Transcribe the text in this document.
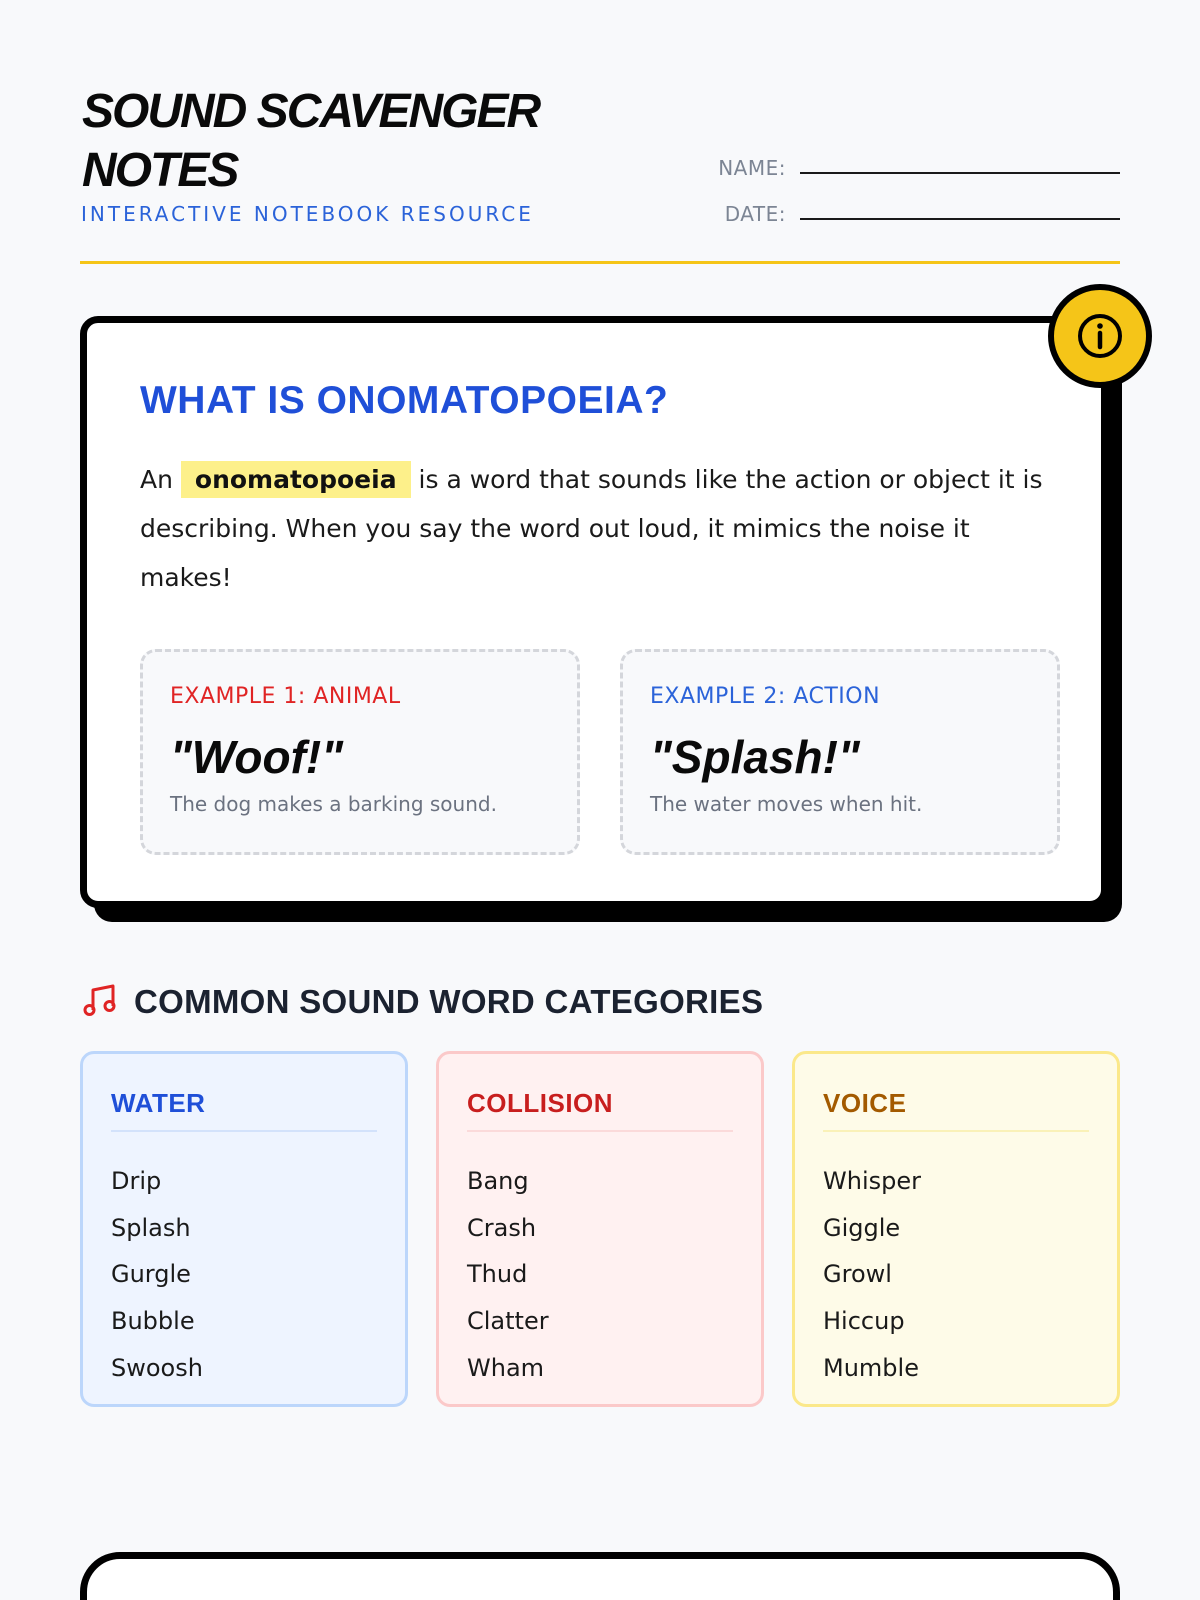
SOUND SCAVENGER NOTES
INTERACTIVE NOTEBOOK RESOURCE
NAME:
DATE:
WHAT IS ONOMATOPOEIA?

An onomatopoeia is a word that sounds like the action or object it is describing. When you say the word out loud, it mimics the noise it makes!

EXAMPLE 1: ANIMAL
"Woof!"
The dog makes a barking sound.
EXAMPLE 2: ACTION
"Splash!"
The water moves when hit.
COMMON SOUND WORD CATEGORIES
WATER
Drip
Splash
Gurgle
Bubble
Swoosh
COLLISION
Bang
Crash
Thud
Clatter
Wham
VOICE
Whisper
Giggle
Growl
Hiccup
Mumble
